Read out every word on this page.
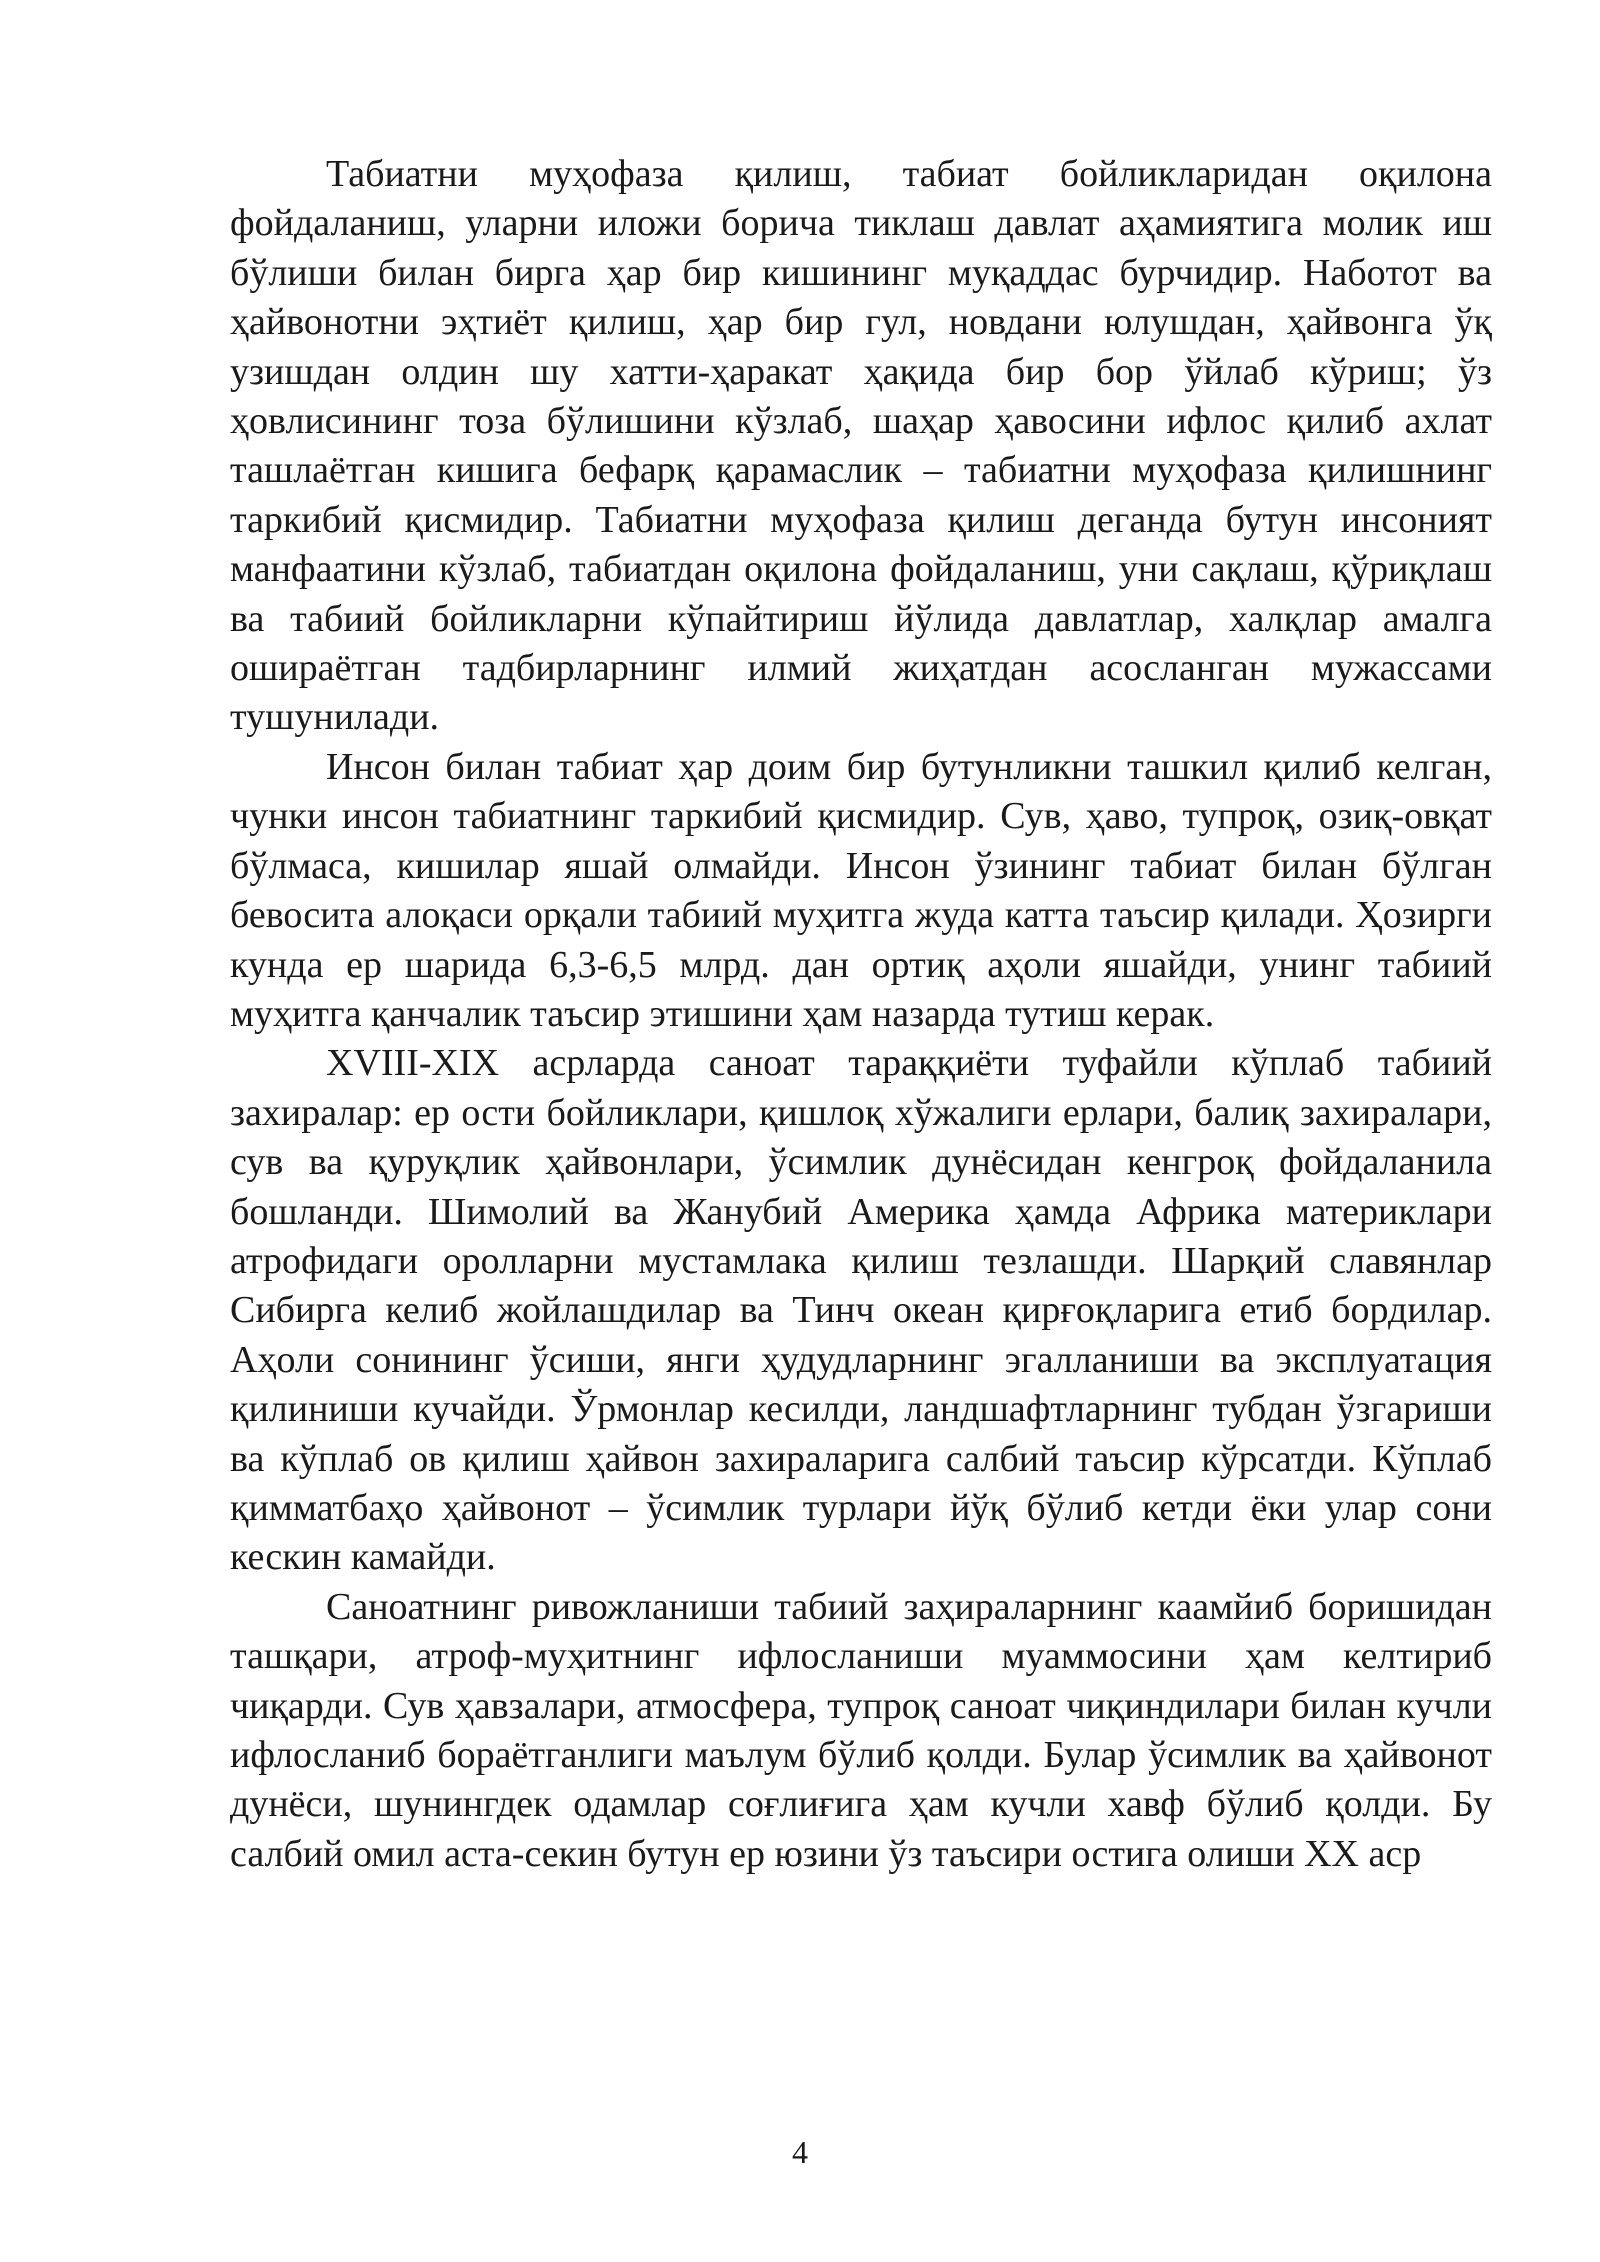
Табиатни муҳофаза қилиш, табиат бойликларидан оқилона фойдаланиш, уларни иложи борича тиклаш давлат аҳамиятига молик иш бўлиши билан бирга ҳар бир кишининг муқаддас бурчидир. Набoтот ва ҳайвонотни эҳтиёт қилиш, ҳар бир гул, новдани юлушдан, ҳайвонга ўқ узишдан олдин шу хатти-ҳаракат ҳақида бир бор ўйлаб кўриш; ўз ҳовлисининг тоза бўлишини кўзлаб, шаҳар ҳавосини ифлос қилиб ахлат ташлаётган кишига бефарқ қарамаслик – табиатни муҳофаза қилишнинг таркибий қисмидир. Табиатни муҳофаза қилиш деганда бутун инсоният манфаатини кўзлаб, табиатдан оқилона фойдаланиш, уни сақлаш, қўриқлаш ва табиий бойликларни кўпайтириш йўлида давлатлар, халқлар амалга ошираётган тадбирларнинг илмий жиҳатдан асосланган мужассами тушунилади.

Инсон билан табиат ҳар доим бир бутунликни ташкил қилиб келган, чунки инсон табиатнинг таркибий қисмидир. Сув, ҳаво, тупроқ, озиқ-овқат бўлмаса, кишилар яшай олмайди. Инсон ўзининг табиат билан бўлган бевосита алоқаси орқали табиий муҳитга жуда катта таъсир қилади. Ҳозирги кунда ер шарида 6,3-6,5 млрд. дан ортиқ аҳоли яшайди, унинг табиий муҳитга қанчалик таъсир этишини ҳам назарда тутиш керак.

XVIII-XIX асрларда саноат тараққиёти туфайли кўплаб табиий захиралар: ер ости бойликлари, қишлоқ хўжалиги ерлари, балиқ захиралари, сув ва қуруқлик ҳайвонлари, ўсимлик дунёсидан кенгроқ фойдаланила бошланди. Шимолий ва Жанубий Америка ҳамда Африка материклари атрофидаги оролларни мустамлака қилиш тезлашди. Шарқий славянлар Сибирга келиб жойлашдилар ва Тинч океан қирғоқларига етиб бордилар. Аҳоли сонининг ўсиши, янги ҳудудларнинг эгалланиши ва эксплуатация қилиниши кучайди. Ўрмонлар кесилди, ландшафтларнинг тубдан ўзгариши ва кўплаб ов қилиш ҳайвон захираларига салбий таъсир кўрсатди. Кўплаб қимматбаҳо ҳайвонот – ўсимлик турлари йўқ бўлиб кетди ёки улар сони кескин камайди.

Саноатнинг ривожланиши табиий заҳираларнинг каамйиб боришидан ташқари, атроф-муҳитнинг ифлосланиши муаммосини ҳам келтириб чиқарди. Сув ҳавзалари, атмосфера, тупроқ саноат чиқиндилари билан кучли ифлосланиб бораётганлиги маълум бўлиб қолди. Булар ўсимлик ва ҳайвонот дунёси, шунингдек одамлар соғлиғига ҳам кучли хавф бўлиб қолди. Бу салбий омил аста-секин бутун ер юзини ўз таъсири остига олиши XX аср

4
